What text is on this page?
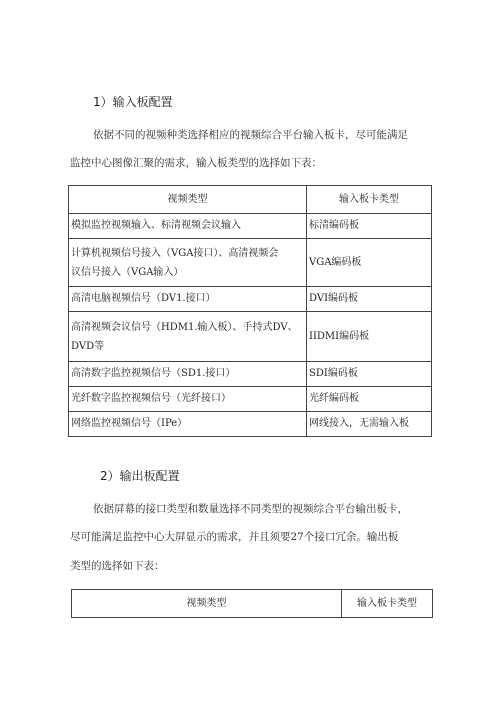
1）输入板配置
依据不同的视频种类选择相应的视频综合平台输入板卡，尽可能满足
监控中心图像汇聚的需求，输入板类型的选择如下表：
视频类型	输入板卡类型
模拟监控视频输入、标清视频会议输入	标清编码板

计算机视频信号接入（VGA接口）、高清视频会
议信号接入（VGA输入）	VGA编码板
高清电脑视频信号（DV1.接口）	DVI编码板

高清视频会议信号（HDM1.输入板）、手持式DV、
DVD等	IIDMI编码板
高清数字监控视频信号（SD1.接口）	SDI编码板
光纤数字监控视频信号（光纤接口）	光纤编码板
网络监控视频信号（IPe）	网线接入，无需输入板
2）输出板配置
依据屏幕的接口类型和数量选择不同类型的视频综合平台输出板卡，
尽可能满足监控中心大屏显示的需求，并且须要27个接口冗余。输出板
类型的选择如下表：
视频类型	输入板卡类型
